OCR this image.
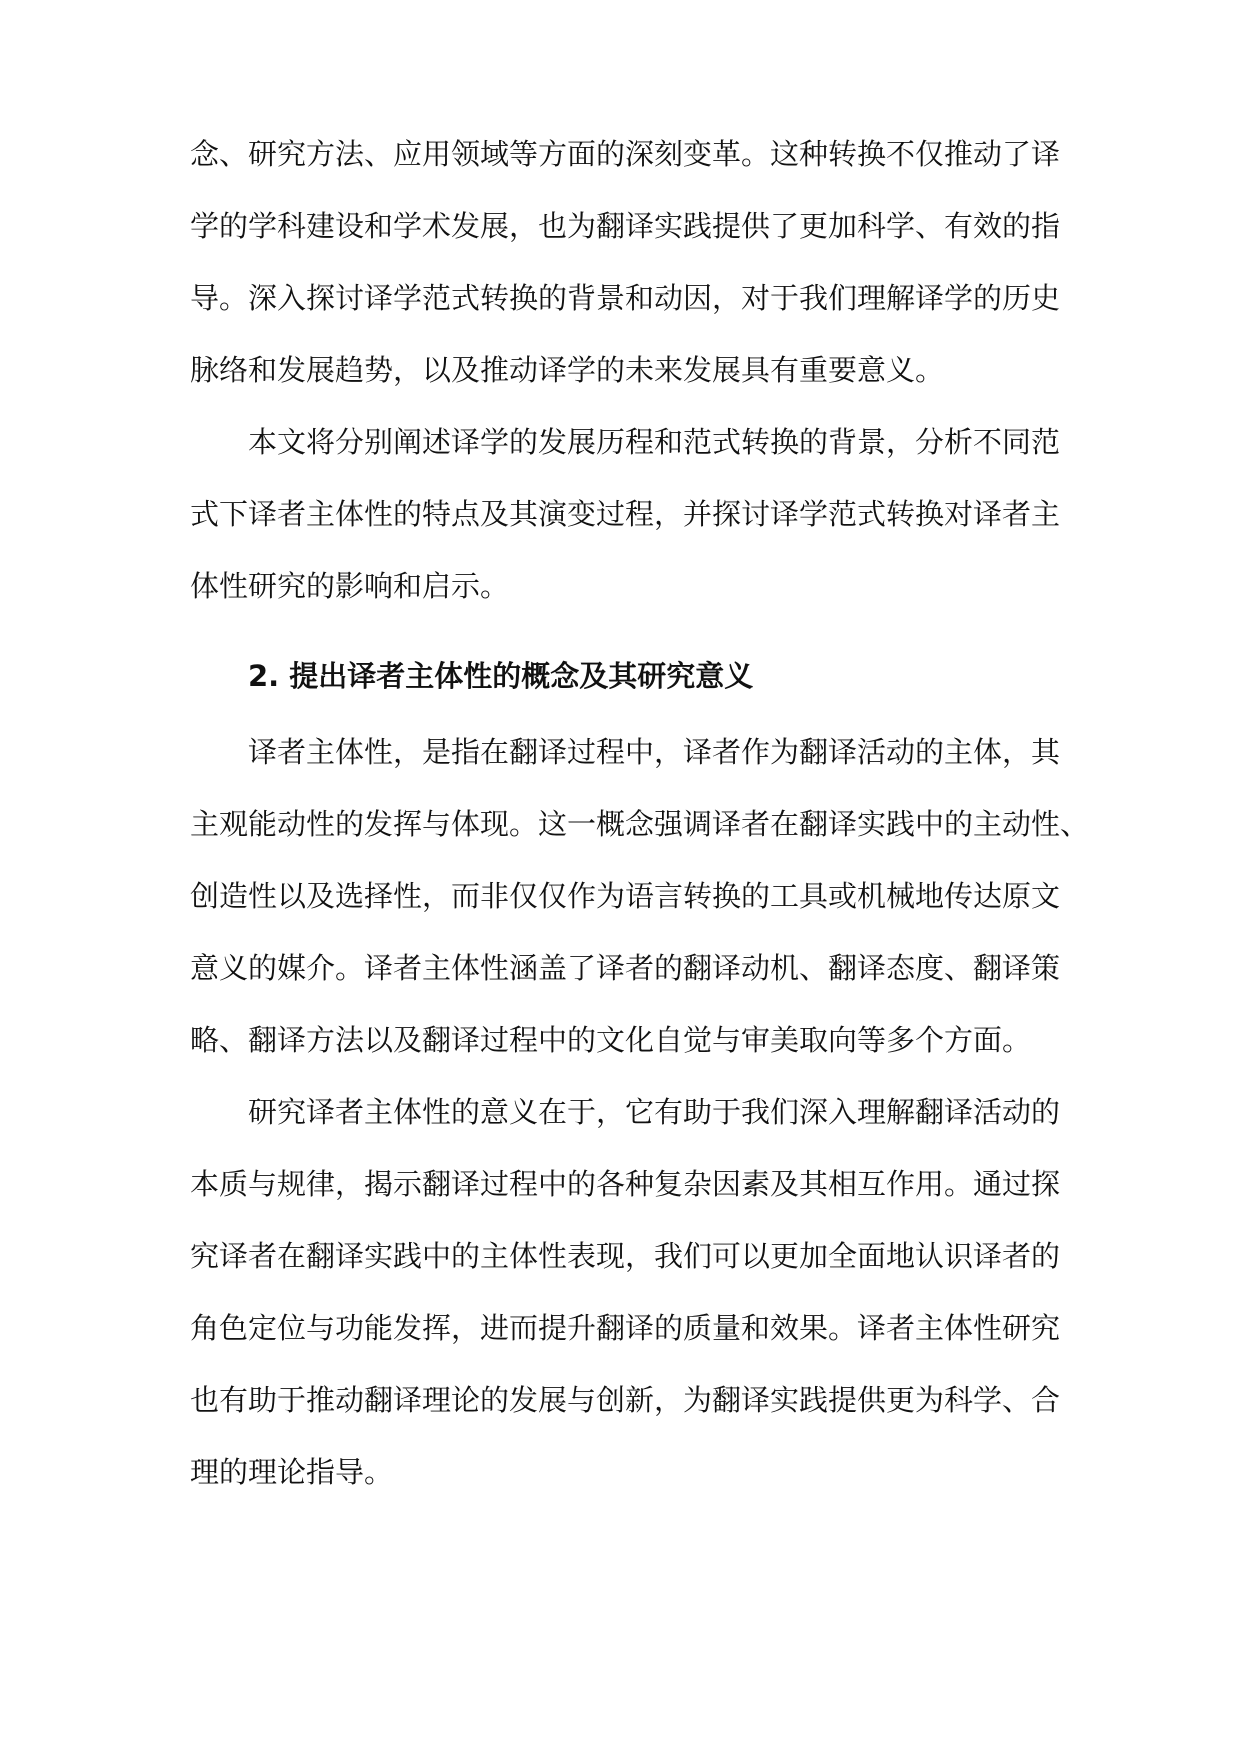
念、研究方法、应用领域等方面的深刻变革。这种转换不仅推动了译
学的学科建设和学术发展，也为翻译实践提供了更加科学、有效的指
导。深入探讨译学范式转换的背景和动因，对于我们理解译学的历史
脉络和发展趋势，以及推动译学的未来发展具有重要意义。
本文将分别阐述译学的发展历程和范式转换的背景，分析不同范
式下译者主体性的特点及其演变过程，并探讨译学范式转换对译者主
体性研究的影响和启示。
2. 提出译者主体性的概念及其研究意义
译者主体性，是指在翻译过程中，译者作为翻译活动的主体，其
主观能动性的发挥与体现。这一概念强调译者在翻译实践中的主动性、
创造性以及选择性，而非仅仅作为语言转换的工具或机械地传达原文
意义的媒介。译者主体性涵盖了译者的翻译动机、翻译态度、翻译策
略、翻译方法以及翻译过程中的文化自觉与审美取向等多个方面。
研究译者主体性的意义在于，它有助于我们深入理解翻译活动的
本质与规律，揭示翻译过程中的各种复杂因素及其相互作用。通过探
究译者在翻译实践中的主体性表现，我们可以更加全面地认识译者的
角色定位与功能发挥，进而提升翻译的质量和效果。译者主体性研究
也有助于推动翻译理论的发展与创新，为翻译实践提供更为科学、合
理的理论指导。
